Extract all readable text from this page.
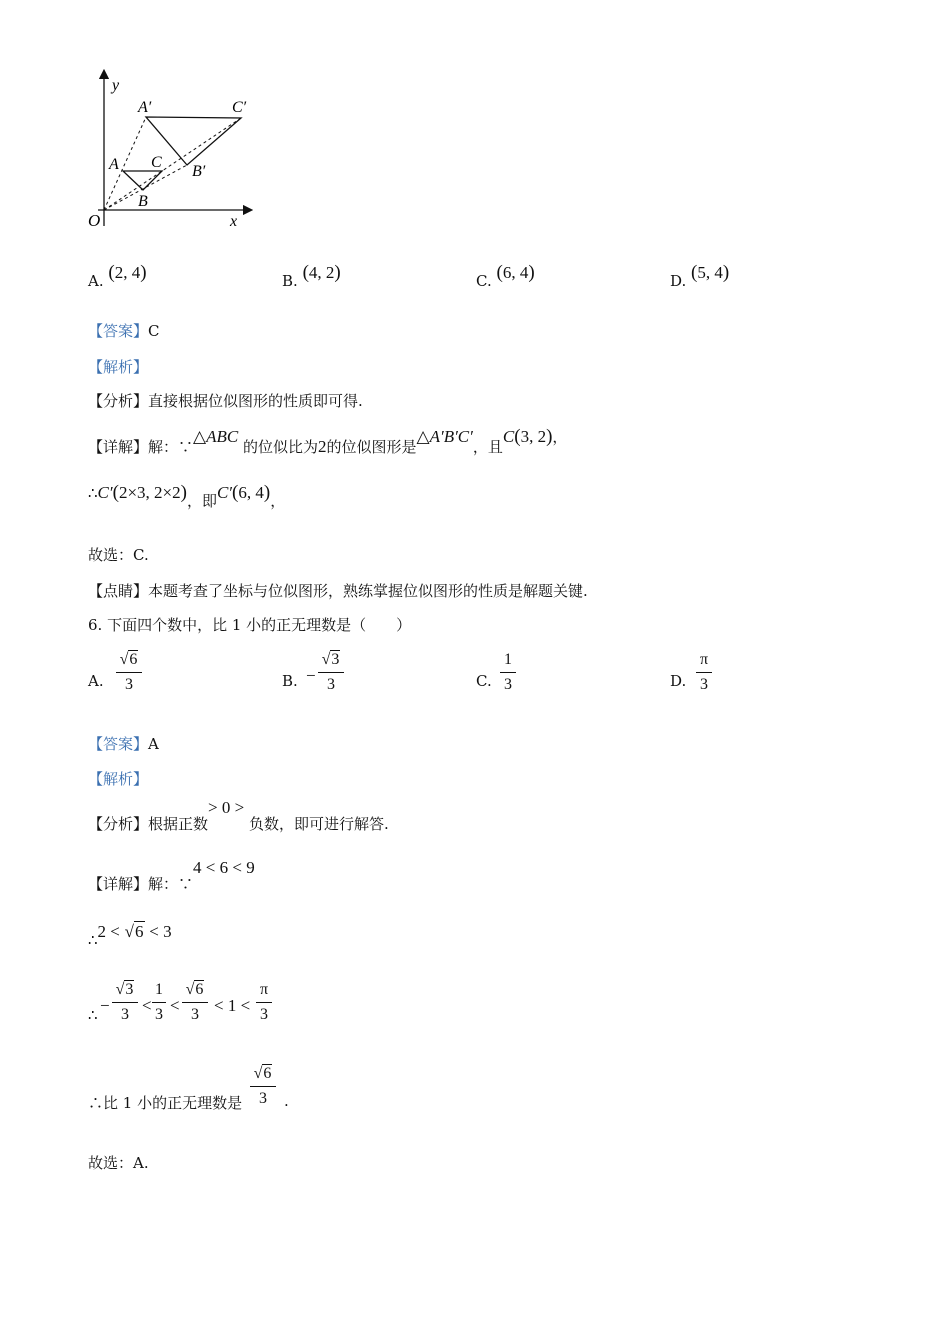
y
x
O
A C
B
A′	C′
B′
A. (2, 4)	B. (4, 2)	C. (6, 4)	D. (5, 4)
【答案】C
【解析】
【分析】直接根据位似图形的性质即可得.
【详解】解：∵△ABC 的位似比为2的位似图形是△A′B′C′，且C(3, 2)，
∴C′(2×3, 2×2)，即C′(6, 4)，
故选：C.
【点睛】本题考查了坐标与位似图形，熟练掌握位似图形的性质是解题关键.
6. 下面四个数中，比 1 小的正无理数是（　　）
A.
√6
3	B. −
√3
3	C.
1
3	D.
π
3
【答案】A
【解析】
【分析】根据正数> 0 > 负数，即可进行解答.
【详解】解：∵4 < 6 < 9
∴2 < √6 < 3
∴ −
√3
3 <
1
3 <
√6
3 < 1 <
π
3
∴比 1 小的正无理数是
√6
3	.
故选：A.
